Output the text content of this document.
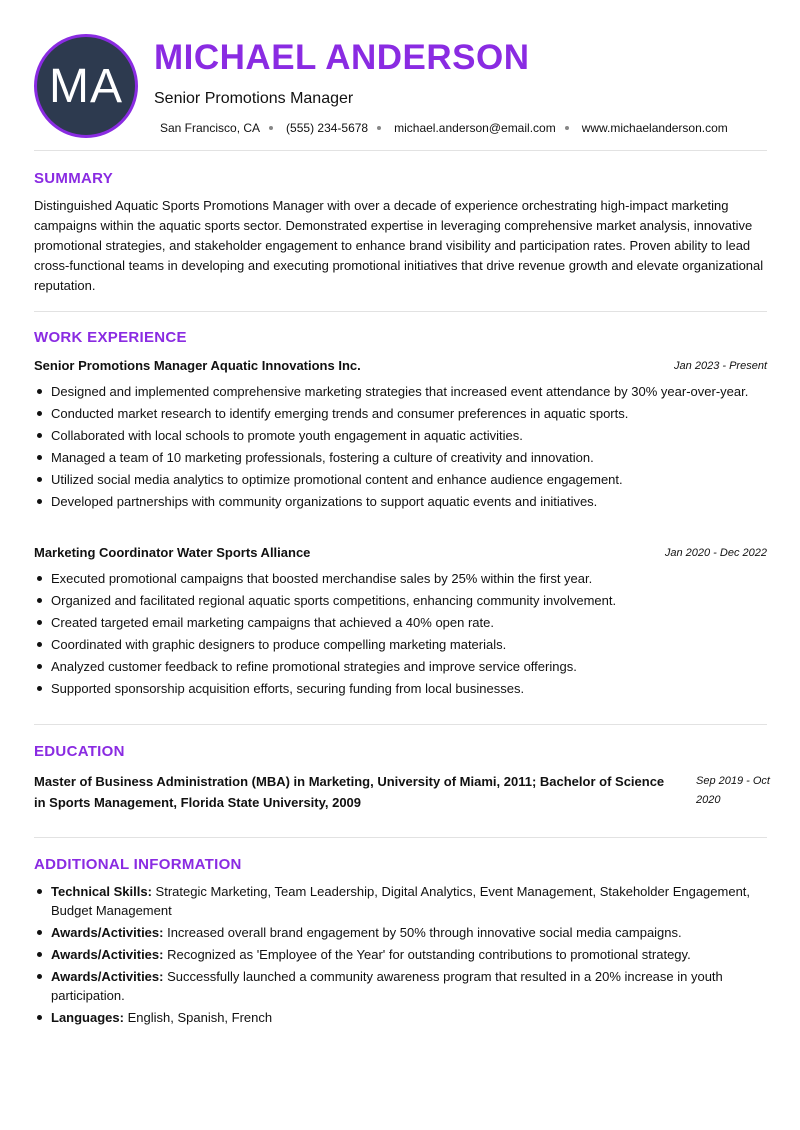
MA
MICHAEL ANDERSON
Senior Promotions Manager
San Francisco, CA (555) 234-5678 michael.anderson@email.com www.michaelanderson.com
SUMMARY
Distinguished Aquatic Sports Promotions Manager with over a decade of experience orchestrating high-impact marketing campaigns within the aquatic sports sector. Demonstrated expertise in leveraging comprehensive market analysis, innovative promotional strategies, and stakeholder engagement to enhance brand visibility and participation rates. Proven ability to lead cross-functional teams in developing and executing promotional initiatives that drive revenue growth and elevate organizational reputation.
WORK EXPERIENCE
Senior Promotions Manager Aquatic Innovations Inc.	Jan 2023 - Present
Designed and implemented comprehensive marketing strategies that increased event attendance by 30% year-over-year.
Conducted market research to identify emerging trends and consumer preferences in aquatic sports.
Collaborated with local schools to promote youth engagement in aquatic activities.
Managed a team of 10 marketing professionals, fostering a culture of creativity and innovation.
Utilized social media analytics to optimize promotional content and enhance audience engagement.
Developed partnerships with community organizations to support aquatic events and initiatives.
Marketing Coordinator Water Sports Alliance	Jan 2020 - Dec 2022
Executed promotional campaigns that boosted merchandise sales by 25% within the first year.
Organized and facilitated regional aquatic sports competitions, enhancing community involvement.
Created targeted email marketing campaigns that achieved a 40% open rate.
Coordinated with graphic designers to produce compelling marketing materials.
Analyzed customer feedback to refine promotional strategies and improve service offerings.
Supported sponsorship acquisition efforts, securing funding from local businesses.
EDUCATION
Master of Business Administration (MBA) in Marketing, University of Miami, 2011; Bachelor of Science in Sports Management, Florida State University, 2009
Sep 2019 - Oct 2020
ADDITIONAL INFORMATION
Technical Skills: Strategic Marketing, Team Leadership, Digital Analytics, Event Management, Stakeholder Engagement, Budget Management
Awards/Activities: Increased overall brand engagement by 50% through innovative social media campaigns.
Awards/Activities: Recognized as 'Employee of the Year' for outstanding contributions to promotional strategy.
Awards/Activities: Successfully launched a community awareness program that resulted in a 20% increase in youth participation.
Languages: English, Spanish, French
